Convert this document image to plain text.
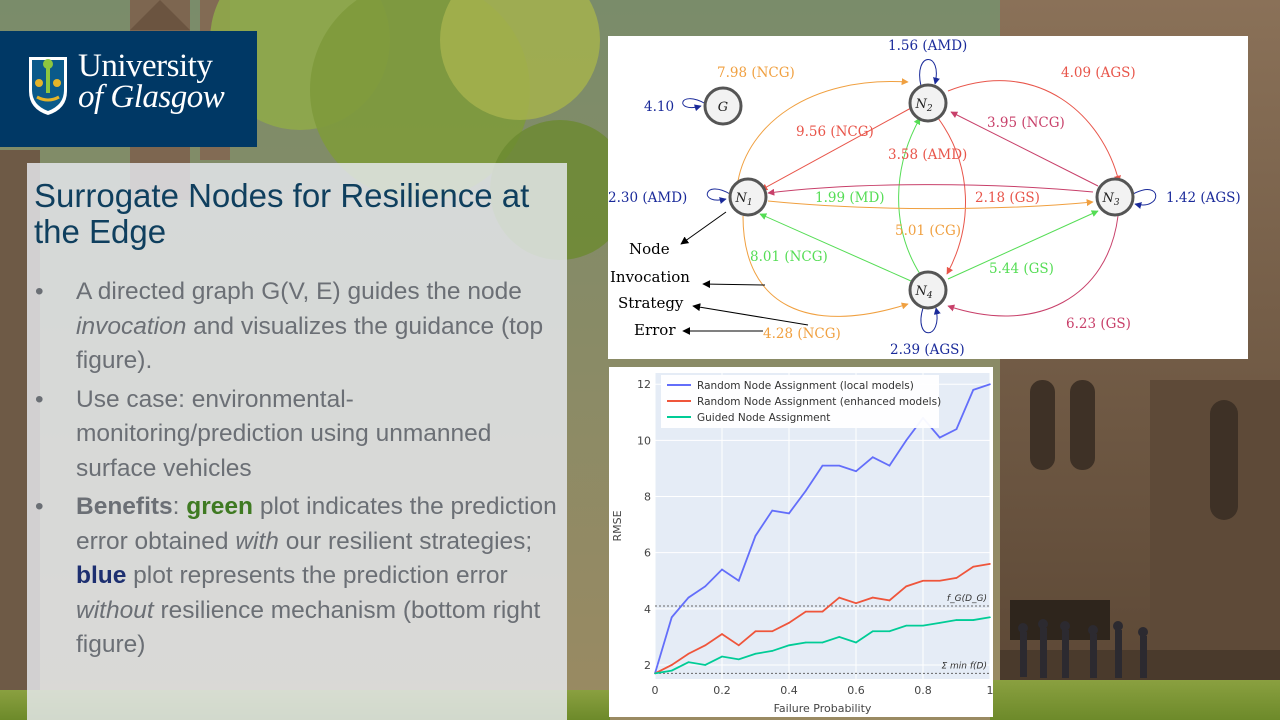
University
of Glasgow
Surrogate Nodes for Resilience at the Edge
• A directed graph G(V, E) guides the node invocation and visualizes the guidance (top figure).
• Use case: environmental-monitoring/prediction using unmanned surface vehicles
• Benefits: green plot indicates the prediction error obtained with our resilient strategies; blue plot represents the prediction error without resilience mechanism (bottom right figure)
G
$N_1$
$N_2$
$N_3$
$N_4$
4.10
2.30 (AMD)
1.56 (AMD)
1.42 (AGS)
2.39 (AGS)
7.98 (NCG)
9.56 (NCG)
4.09 (AGS)
3.95 (NCG)
3.58 (AMD)
1.99 (MD)	2.18 (GS)
5.01 (CG)
8.01 (NCG)
5.44 (GS)
6.23 (GS)
4.28 (NCG)
Node
Invocation
Strategy
Error
2
4
6
8
10
12
0	0.2	0.4	0.6	0.8	1
f_G(D_G)
Σ min f(D)
Failure Probability
RMSE
Random Node Assignment (local models)
Random Node Assignment (enhanced models)
Guided Node Assignment
